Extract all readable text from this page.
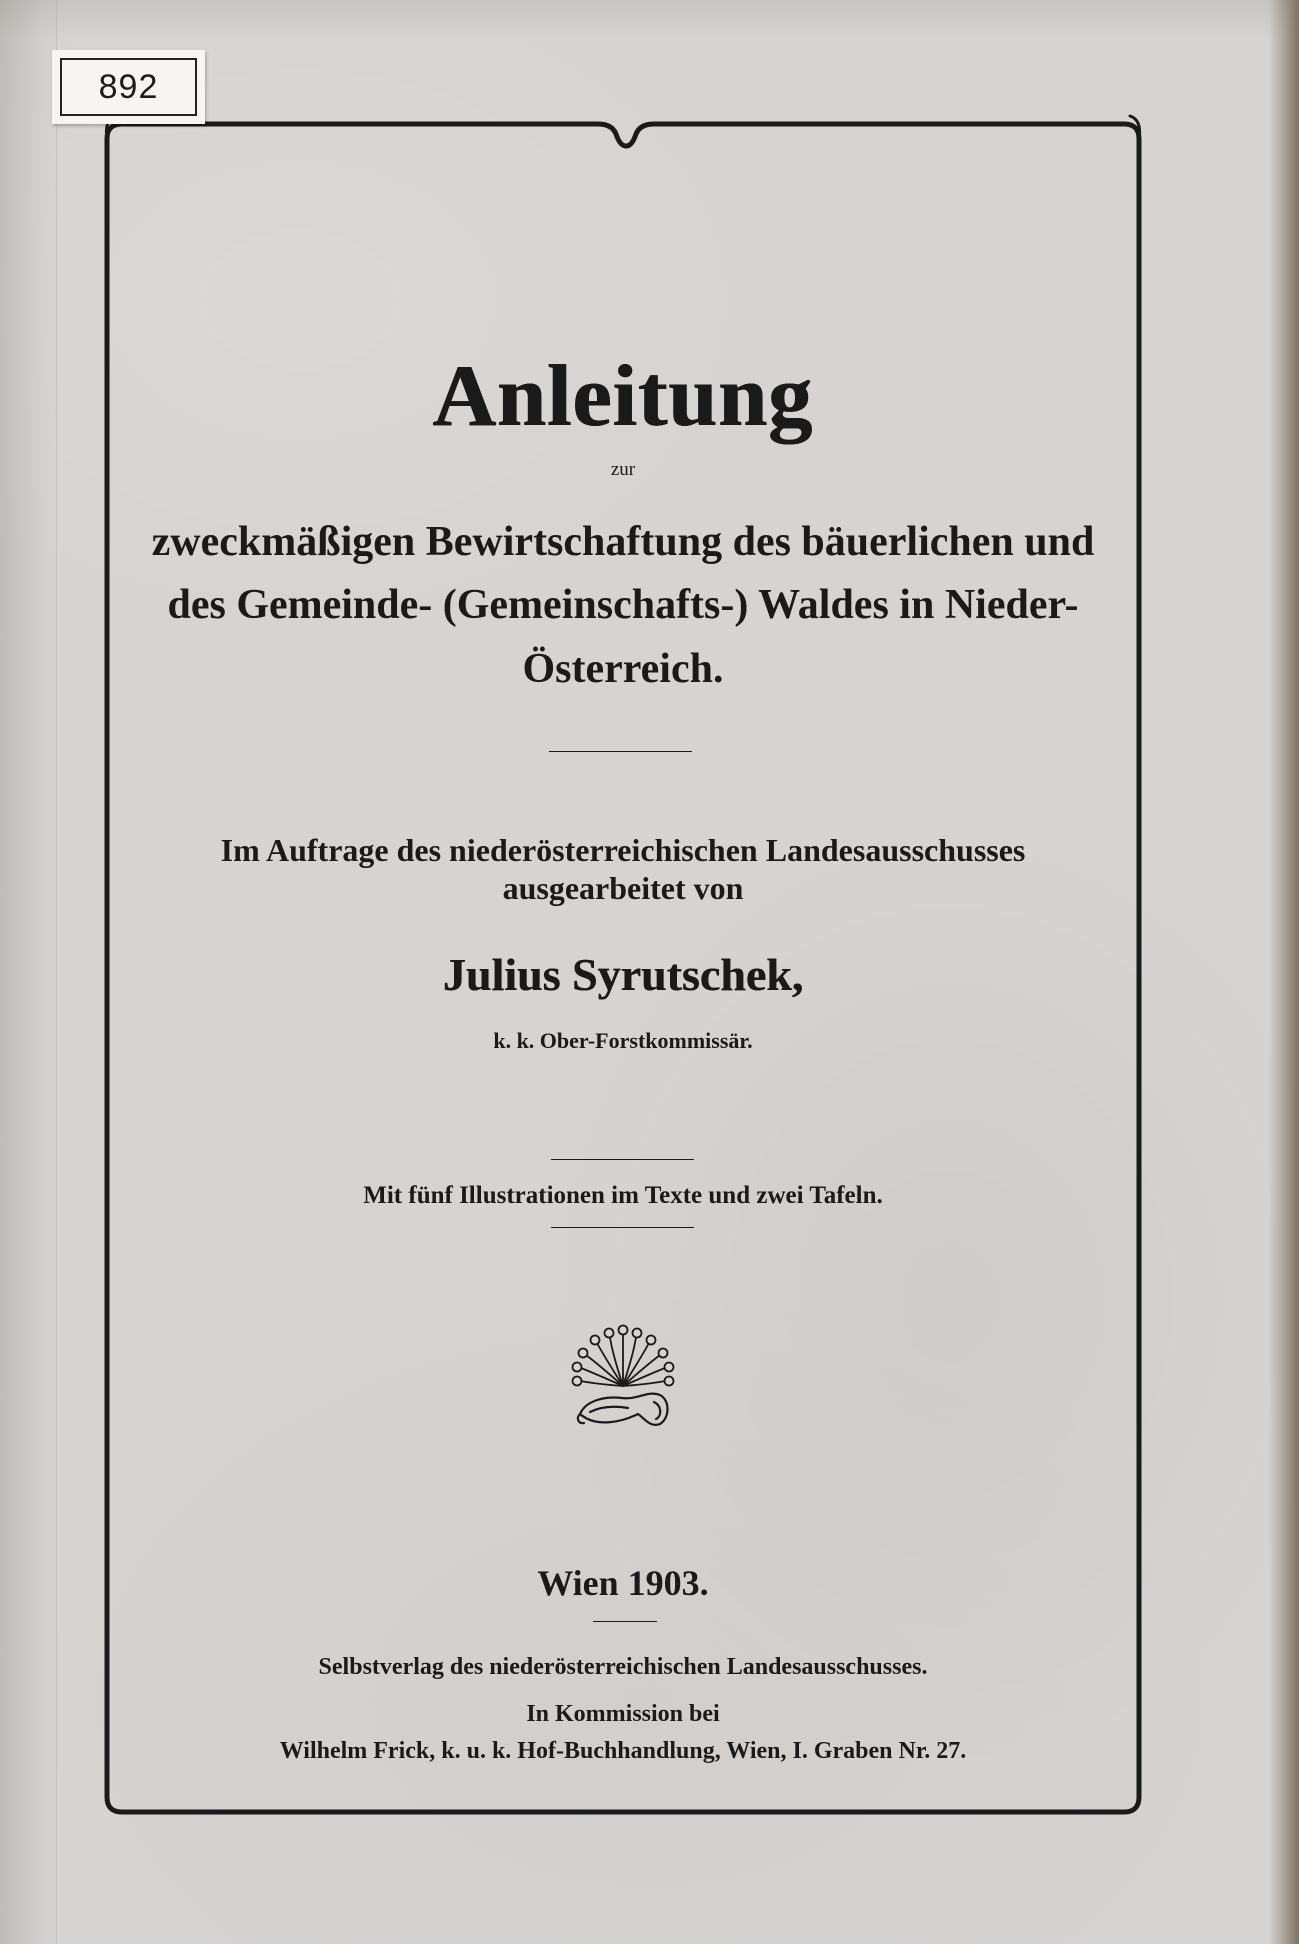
892
Anleitung
zur
zweckmäßigen Bewirtschaftung des bäuerlichen und
des Gemeinde- (Gemeinschafts-) Waldes in Nieder-
Österreich.
Im Auftrage des niederösterreichischen Landesausschusses
ausgearbeitet von
Julius Syrutschek,
k. k. Ober-Forstkommissär.
Mit fünf Illustrationen im Texte und zwei Tafeln.
Wien 1903.
Selbstverlag des niederösterreichischen Landesausschusses.
In Kommission bei
Wilhelm Frick, k. u. k. Hof-Buchhandlung, Wien, I. Graben Nr. 27.
